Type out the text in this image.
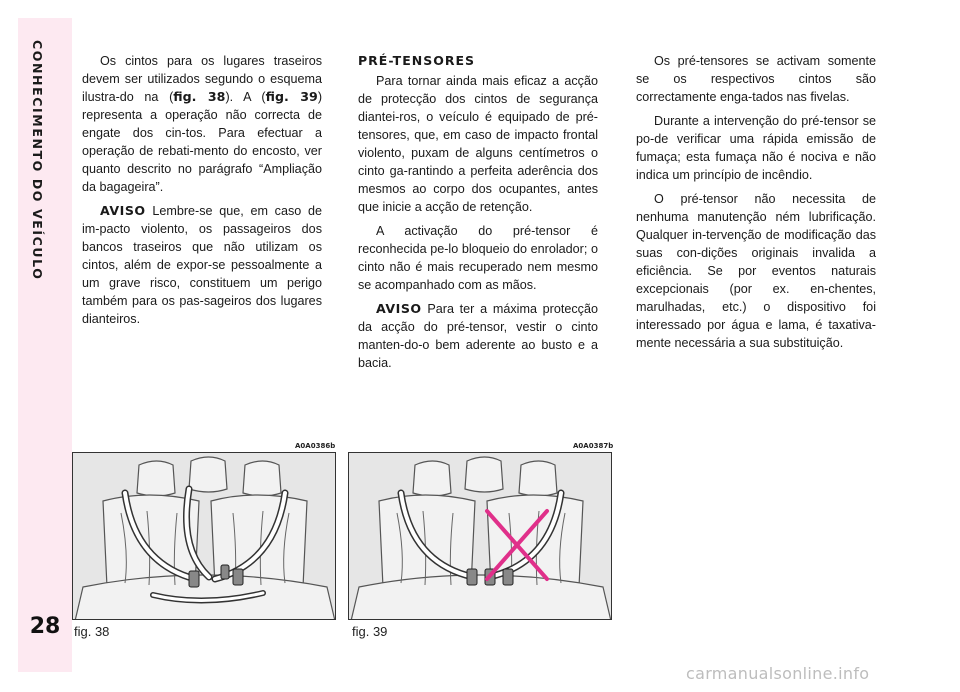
CONHECIMENTO DO VEÍCULO
28

Os cintos para os lugares traseiros devem ser utilizados segundo o esquema ilustra-do na (fig. 38). A (fig. 39) representa a operação não correcta de engate dos cin-tos. Para efectuar a operação de rebati-mento do encosto, ver quanto descrito no parágrafo “Ampliação da bagageira”.

AVISO Lembre-se que, em caso de im-pacto violento, os passageiros dos bancos traseiros que não utilizam os cintos, além de expor-se pessoalmente a um grave risco, constituem um perigo também para os pas-sageiros dos lugares dianteiros.

PRÉ-TENSORES

Para tornar ainda mais eficaz a acção de protecção dos cintos de segurança diantei-ros, o veículo é equipado de pré-tensores, que, em caso de impacto frontal violento, puxam de alguns centímetros o cinto ga-rantindo a perfeita aderência dos mesmos ao corpo dos ocupantes, antes que inicie a acção de retenção.

A activação do pré-tensor é reconhecida pe-lo bloqueio do enrolador; o cinto não é mais recuperado nem mesmo se acompanhado com as mãos.

AVISO Para ter a máxima protecção da acção do pré-tensor, vestir o cinto manten-do-o bem aderente ao busto e a bacia.

Os pré-tensores se activam somente se os respectivos cintos são correctamente enga-tados nas fivelas.

Durante a intervenção do pré-tensor se po-de verificar uma rápida emissão de fumaça; esta fumaça não é nociva e não indica um princípio de incêndio.

O pré-tensor não necessita de nenhuma manutenção ném lubrificação. Qualquer in-tervenção de modificação das suas con-dições originais invalida a eficiência. Se por eventos naturais excepcionais (por ex. en-chentes, marulhadas, etc.) o dispositivo foi interessado por água e lama, é taxativa-mente necessária a sua substituição.

A0A0386b
fig. 38
A0A0387b
fig. 39
carmanualsonline.info
